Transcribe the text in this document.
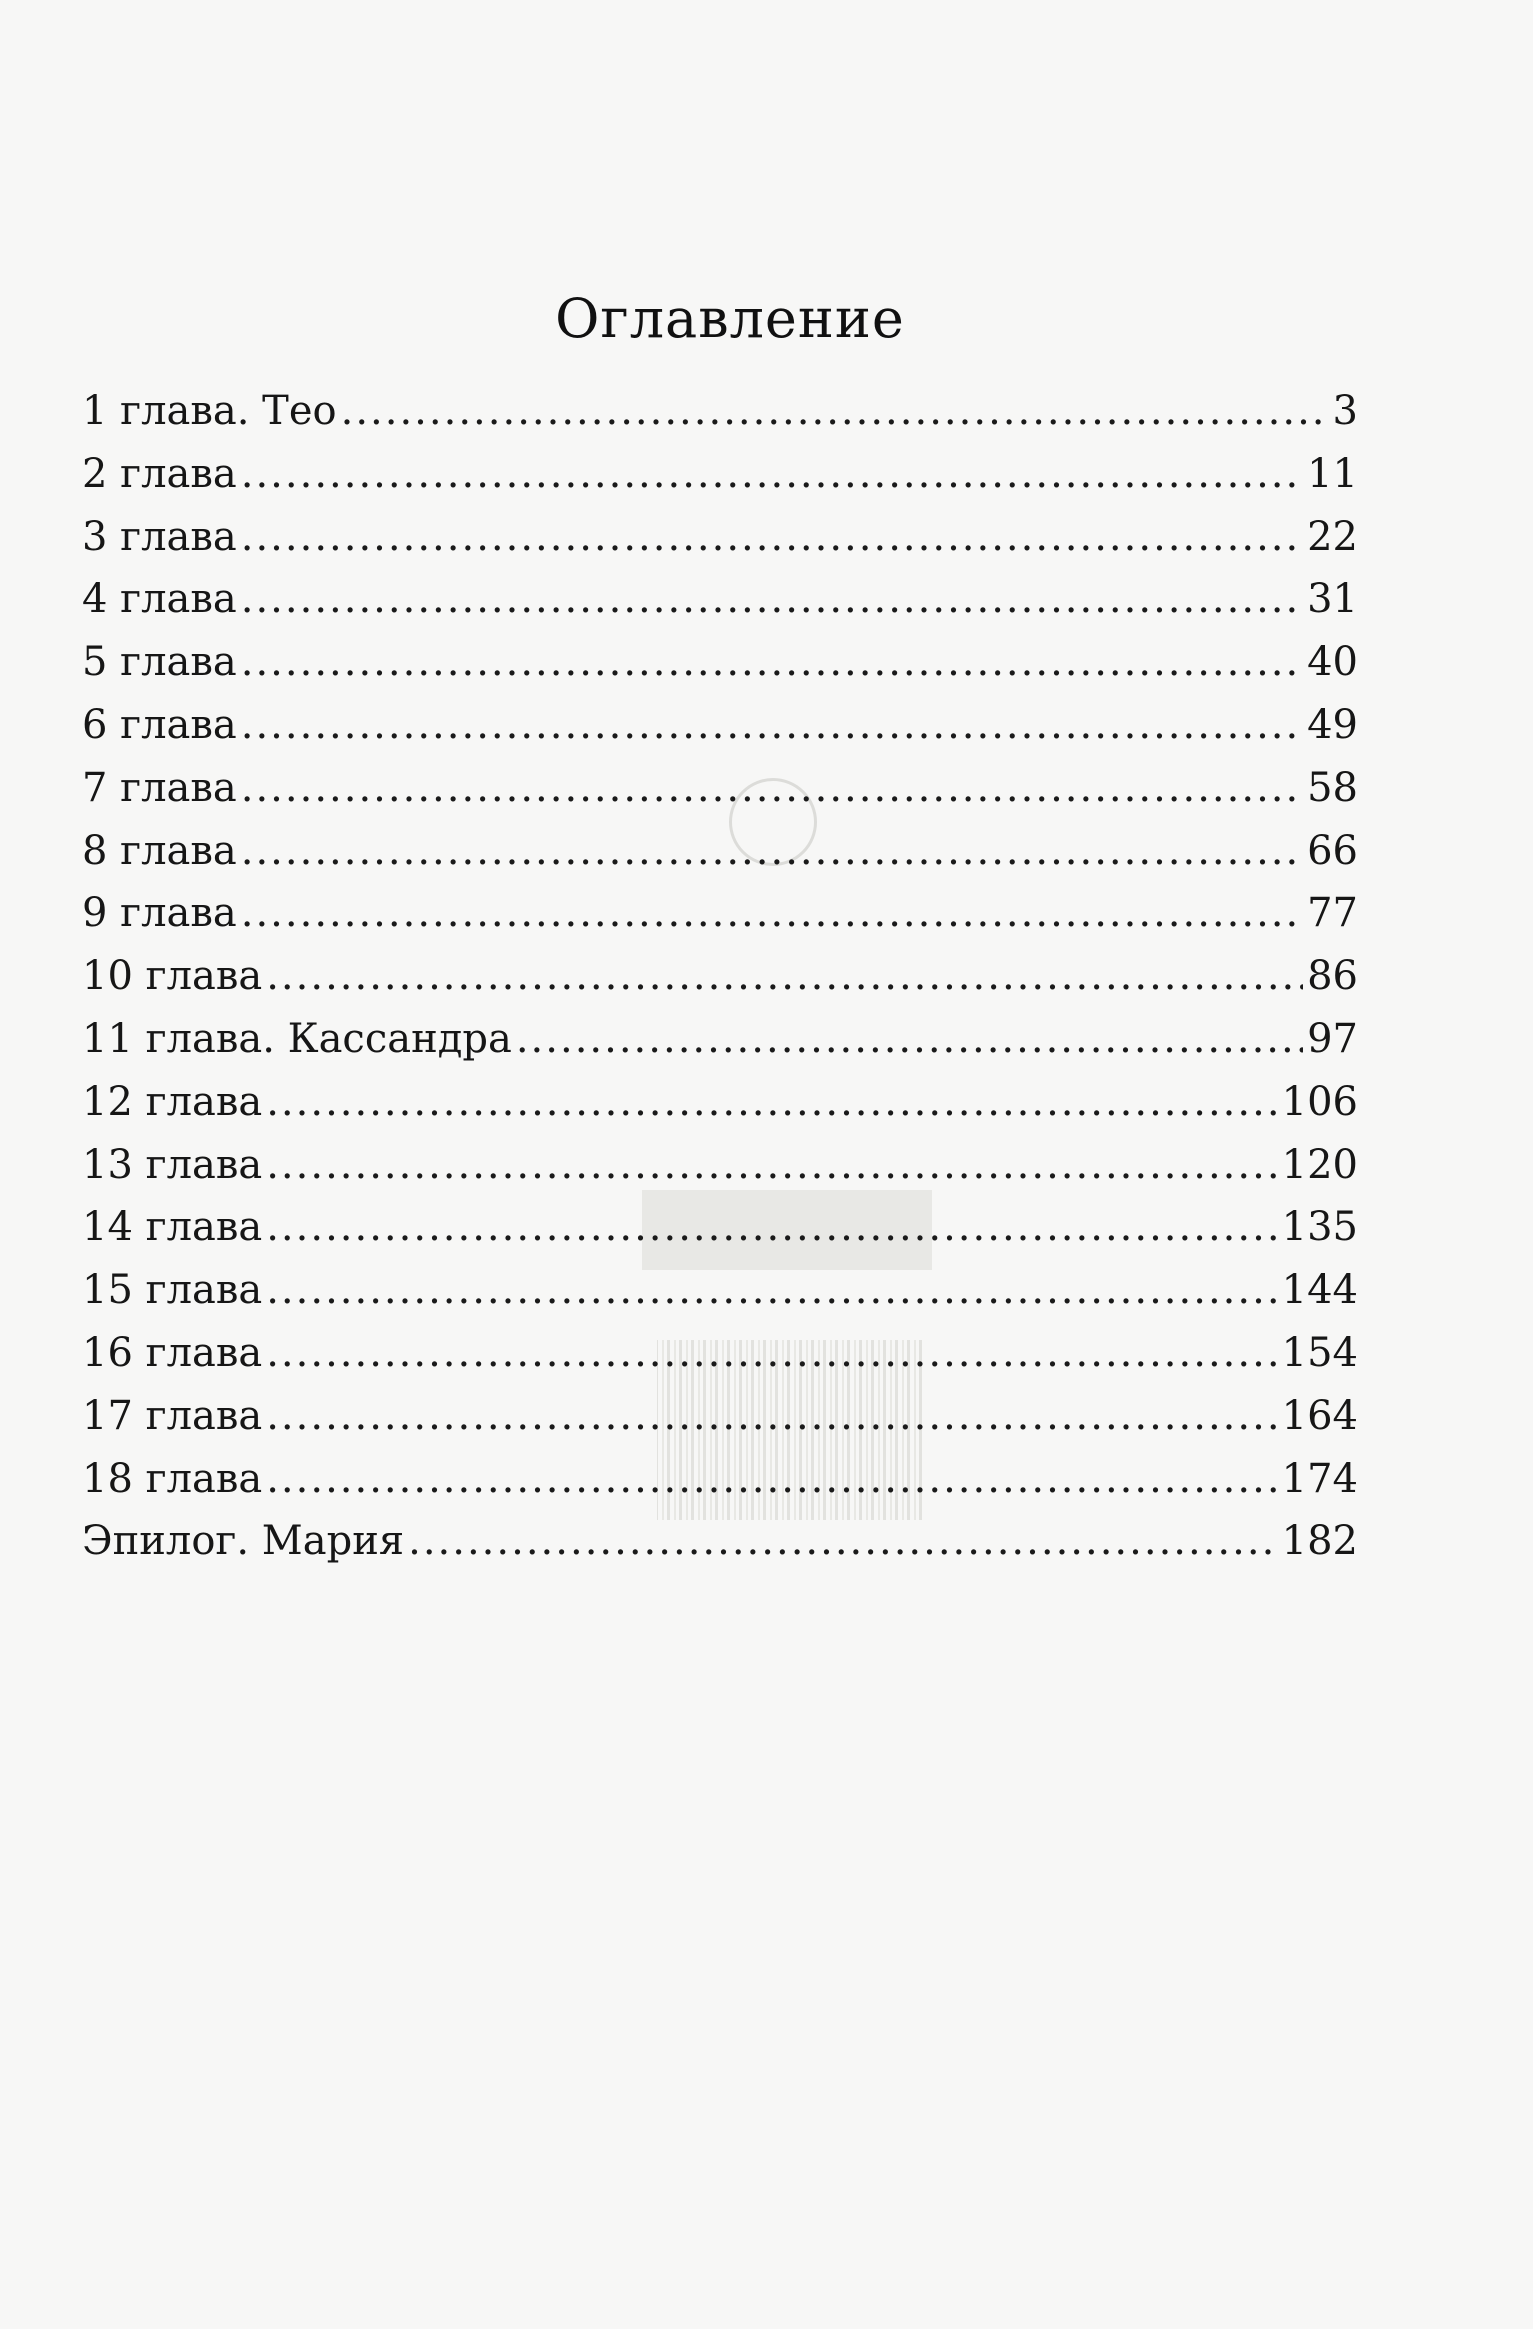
Оглавление
1 глава. Тео .....	3
2 глава .....	11
3 глава .....	22
4 глава .....	31
5 глава .....	40
6 глава .....	49
7 глава .....	58
8 глава .....	66
9 глава .....	77
10 глава .....	86
11 глава. Кассандра .....	97
12 глава .....	106
13 глава .....	120
14 глава .....	135
15 глава .....	144
16 глава .....	154
17 глава .....	164
18 глава .....	174
Эпилог. Мария .....	182
